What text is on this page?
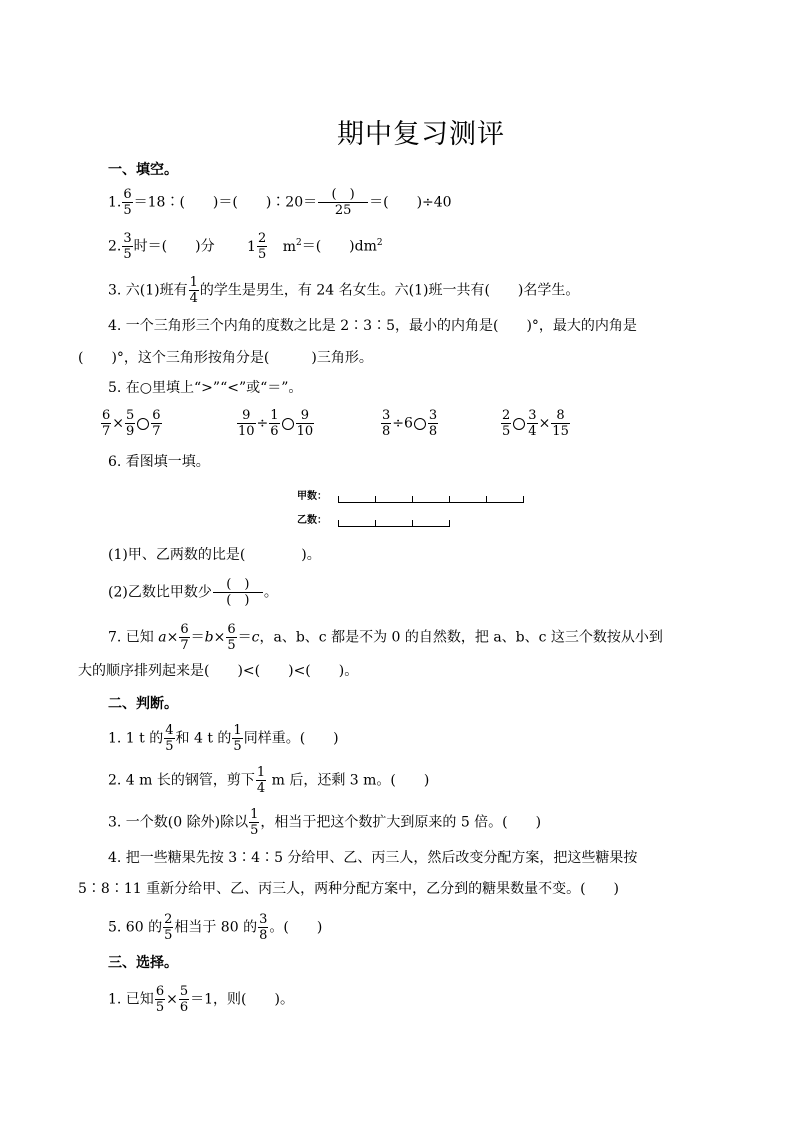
期中复习测评
一、填空。
1. $\frac{6}{5}$ ＝18∶(　　)＝(　　)∶20＝ $\frac{( )}{25}$ ＝(　　)÷40
2. $\frac{3}{5}$ 时＝(　　)分 $1 \frac{2}{5} m^2=$(　　)$dm^2$
3. 六(1)班有 $\frac{1}{4}$ 的学生是男生，有 24 名女生。六(1)班一共有(　　)名学生。
4. 一个三角形三个内角的度数之比是 2∶3∶5，最小的内角是(　　)°，最大的内角是
(　　)°，这个三角形按角分是(　　　)三角形。
5. 在○里填上“>”“<”或“＝”。
$\frac{6}{7} \times \frac{5}{9} \frac{6}{7}$	$\frac{9}{10} \div \frac{1}{6} \frac{9}{10}$	$\frac{3}{8} \div 6 \frac{3}{8}$	$\frac{2}{5} \frac{3}{4} \times \frac{8}{15}$
6. 看图填一填。
甲数：
乙数：
(1)甲、乙两数的比是(　　　　)。
(2)乙数比甲数少 $\frac{( )}{( )}$ 。
7. 已知 $a\times \frac{6}{7} =b\times \frac{6}{5} =c$，a、b、c 都是不为 0 的自然数，把 a、b、c 这三个数按从小到
大的顺序排列起来是(　　)<(　　)<(　　)。
二、判断。
1. 1 t 的 $\frac{4}{5}$ 和 4 t 的 $\frac{1}{5}$ 同样重。(　　)
2. 4 m 长的钢管，剪下 $\frac{1}{4}$ m 后，还剩 3 m。(　　)
3. 一个数(0 除外)除以 $\frac{1}{5}$ ，相当于把这个数扩大到原来的 5 倍。(　　)
4. 把一些糖果先按 3∶4∶5 分给甲、乙、丙三人，然后改变分配方案，把这些糖果按
5∶8∶11 重新分给甲、乙、丙三人，两种分配方案中，乙分到的糖果数量不变。(　　)
5. 60 的 $\frac{2}{5}$ 相当于 80 的 $\frac{3}{8}$ 。(　　)
三、选择。
1. 已知 $\frac{6}{5} \times \frac{5}{6} =1$，则(　　)。
